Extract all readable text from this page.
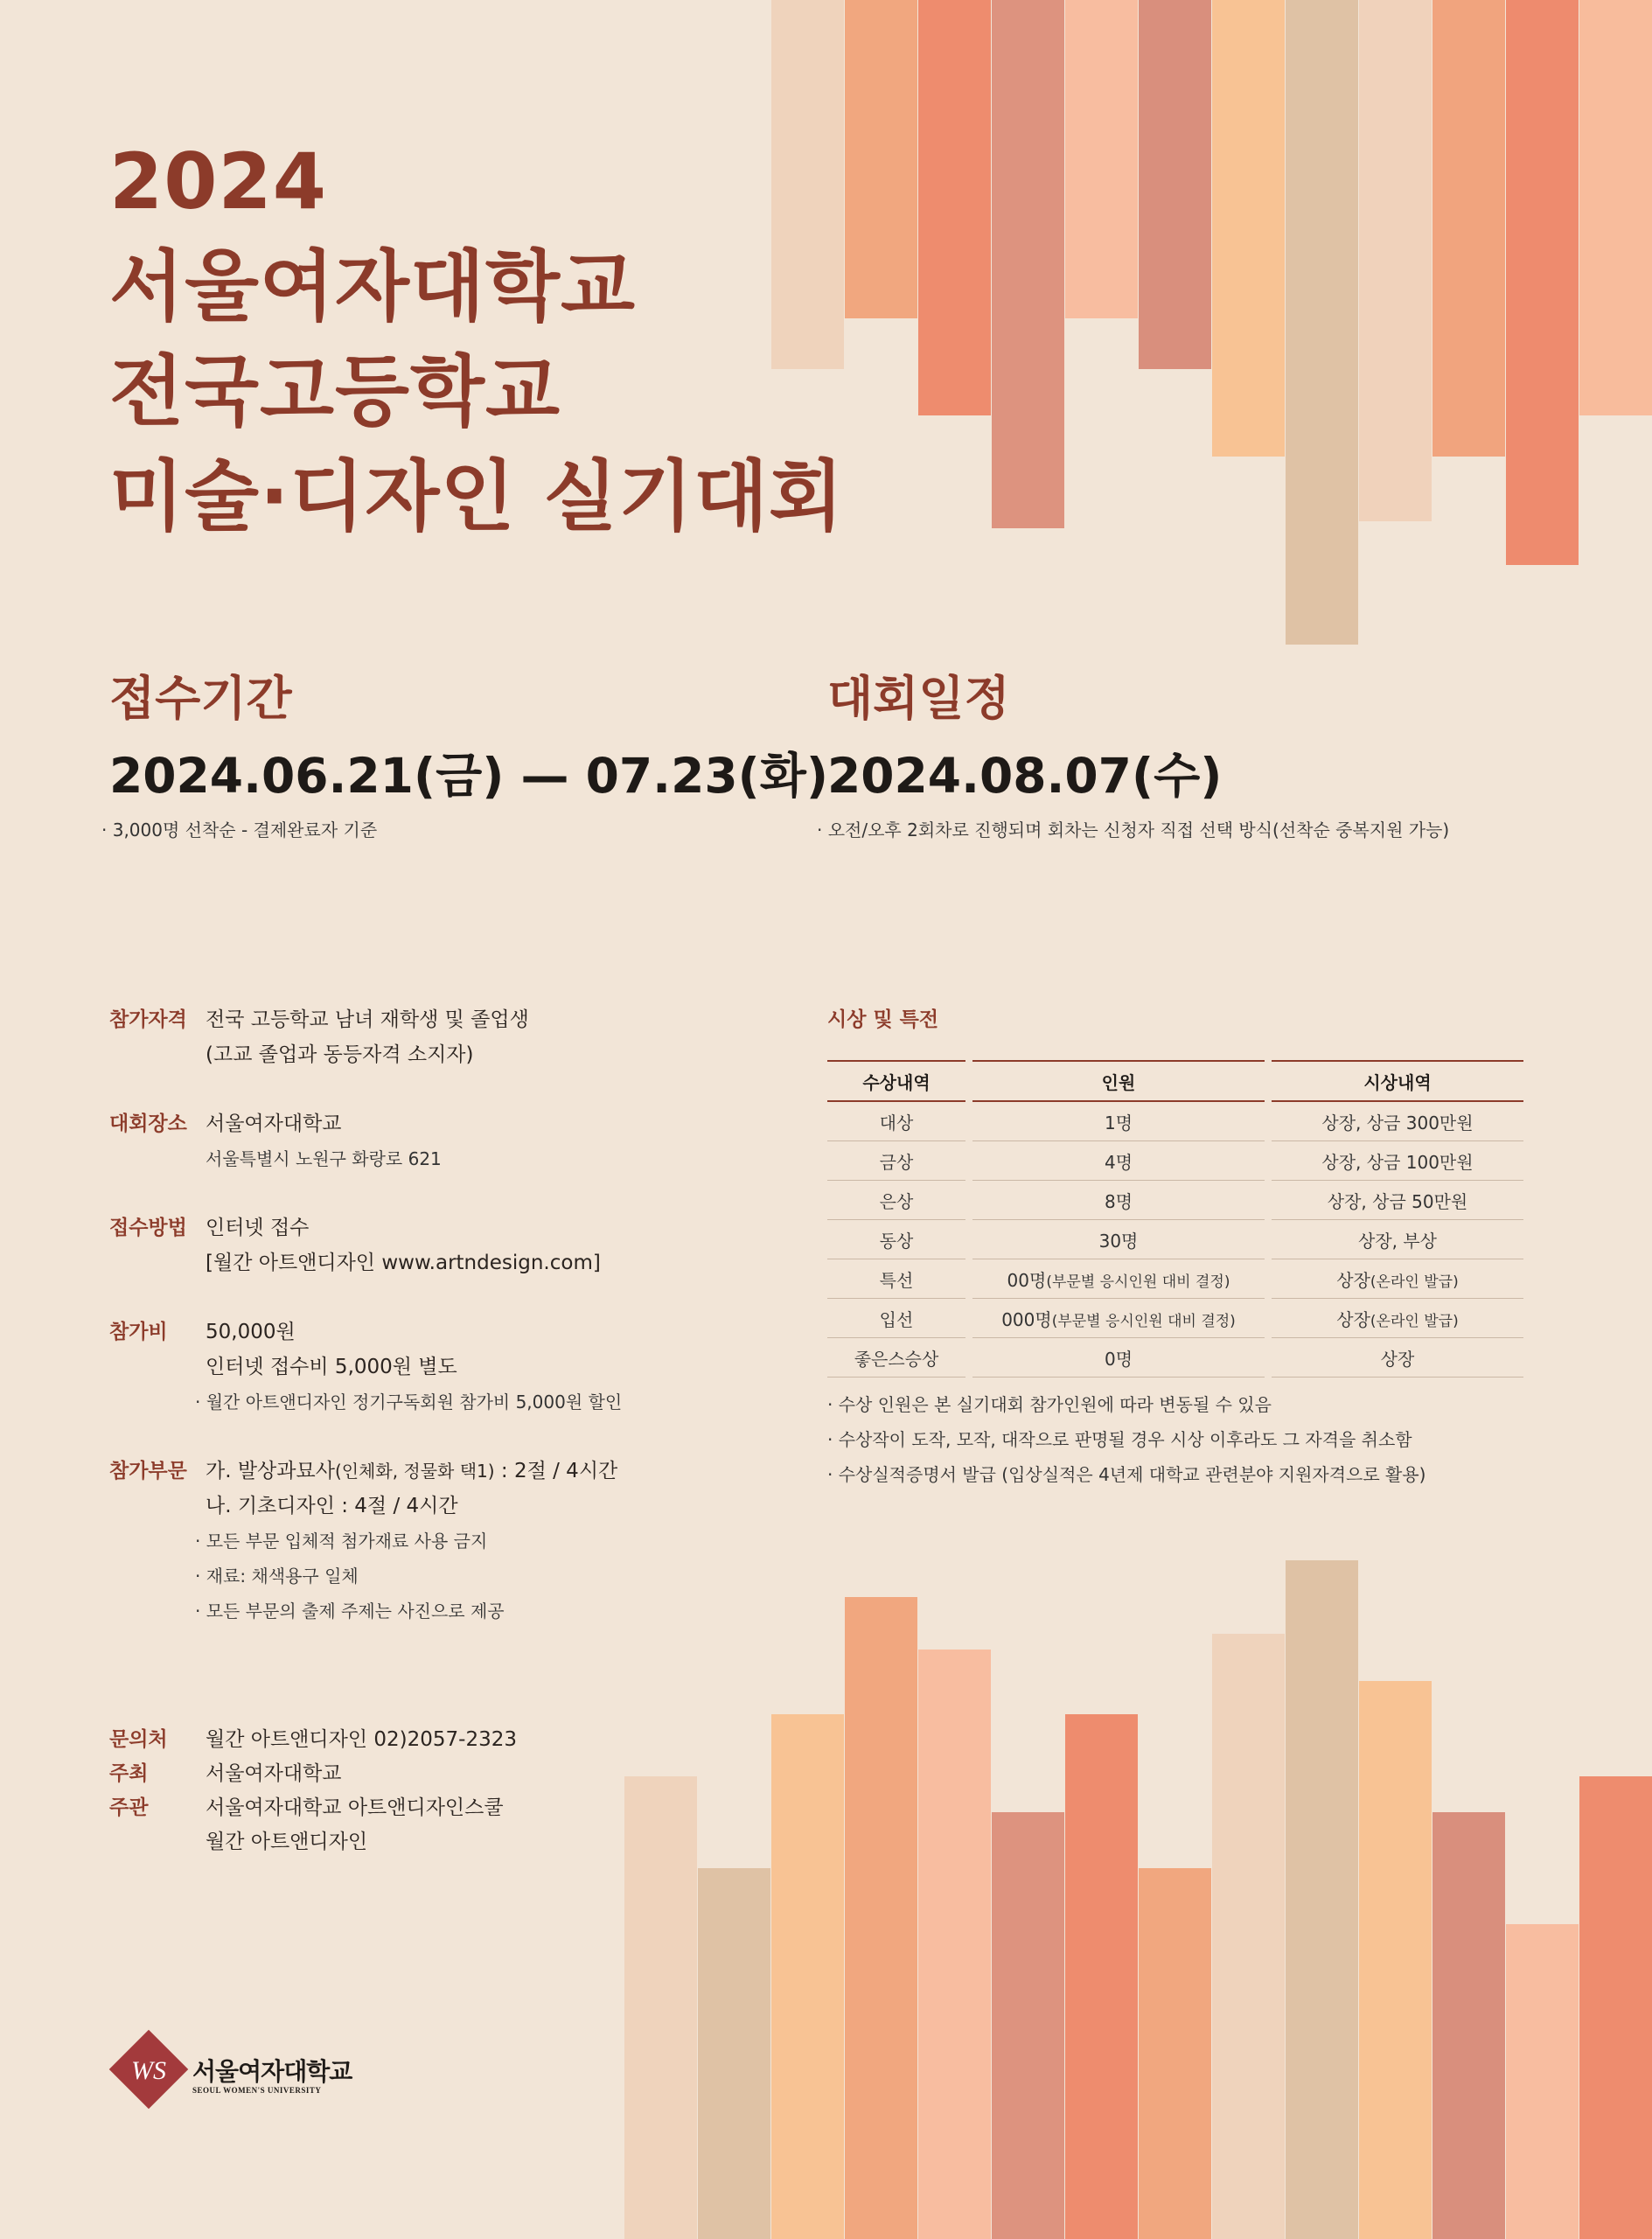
2024
서울여자대학교
전국고등학교
미술·디자인 실기대회
접수기간
2024.06.21(금) — 07.23(화)
· 3,000명 선착순 - 결제완료자 기준
대회일정
2024.08.07(수)
· 오전/오후 2회차로 진행되며 회차는 신청자 직접 선택 방식(선착순 중복지원 가능)
참가자격 전국 고등학교 남녀 재학생 및 졸업생
(고교 졸업과 동등자격 소지자)
대회장소 서울여자대학교
서울특별시 노원구 화랑로 621
접수방법 인터넷 접수
[월간 아트앤디자인 www.artndesign.com]
참가비	50,000원
인터넷 접수비 5,000원 별도
· 월간 아트앤디자인 정기구독회원 참가비 5,000원 할인
참가부문 가. 발상과묘사(인체화, 정물화 택1) : 2절 / 4시간
나. 기초디자인 : 4절 / 4시간
· 모든 부문 입체적 첨가재료 사용 금지
· 재료: 채색용구 일체
· 모든 부문의 출제 주제는 사진으로 제공
시상 및 특전
수상내역	인원	시상내역
대상	1명	상장, 상금 300만원
금상	4명	상장, 상금 100만원
은상	8명	상장, 상금 50만원
동상	30명	상장, 부상
특선	00명(부문별 응시인원 대비 결정)	상장(온라인 발급)
입선	000명(부문별 응시인원 대비 결정)	상장(온라인 발급)
좋은스승상	0명	상장
· 수상 인원은 본 실기대회 참가인원에 따라 변동될 수 있음
· 수상작이 도작, 모작, 대작으로 판명될 경우 시상 이후라도 그 자격을 취소함
· 수상실적증명서 발급 (입상실적은 4년제 대학교 관련분야 지원자격으로 활용)
문의처	월간 아트앤디자인 02)2057-2323
주최	서울여자대학교
주관	서울여자대학교 아트앤디자인스쿨
월간 아트앤디자인
WS 서울여자대학교
SEOUL WOMEN'S UNIVERSITY
